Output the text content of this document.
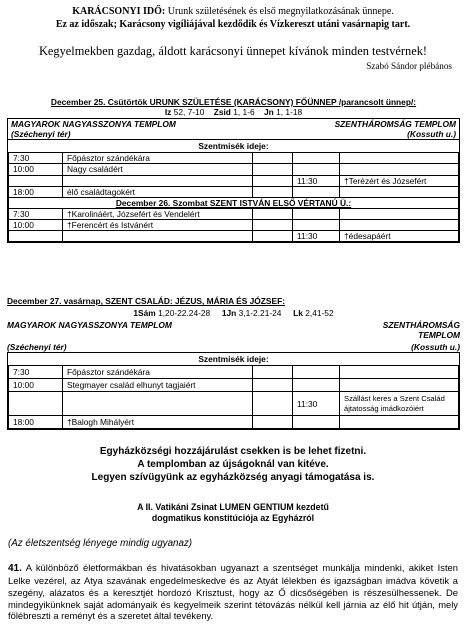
KARÁCSONYI IDŐ: Urunk születésének és első megnyilatkozásának ünnepe.
Ez az időszak; Karácsony vigíliájával kezdődik és Vízkereszt utáni vasárnapig tart.
Kegyelmekben gazdag, áldott karácsonyi ünnepet kívánok minden testvérnek!
Szabó Sándor plébános
December 25. Csütörtök URUNK SZÜLETÉSE (KARÁCSONY) FŐÜNNEP /parancsolt ünnep/:
Iz 52, 7-10 Zsid 1, 1-6 Jn 1, 1-18
MAGYAROK NAGYASSZONYA TEMPLOM	SZENTHÁROMSÁG TEMPLOM
(Széchenyi tér)	(Kossuth u.)
Szentmisék ideje:
7:30	Főpásztor szándékára			
10:00	Nagy családért			
			11:30	†Terézért és Józsefért
18:00	élő családtagokért			
December 26. Szombat SZENT ISTVÁN ELSŐ VÉRTANÚ Ü.:				
7:30	†Karolináért, Józsefért és Vendelért			
10:00	†Ferencért és Istvánért			
			11:30	†édesapáért
December 27. vasárnap, SZENT CSALÁD: JÉZUS, MÁRIA ÉS JÓZSEF:
1Sám 1,20-22.24-28 1Jn 3,1-2.21-24 Lk 2,41-52
MAGYAROK NAGYASSZONYA TEMPLOM	SZENTHÁROMSÁG
TEMPLOM
(Széchenyi tér)	(Kossuth u.)
Szentmisék ideje:
7:30	Főpásztor szándékára			
10:00	Stegmayer család elhunyt tagjaiért			
			11:30	Szállást keres a Szent Család ájtatosság imádkozóiért
18:00	†Balogh Mihályért			
Egyházközségi hozzájárulást csekken is be lehet fizetni.
A templomban az újságoknál van kitéve.
Legyen szívügyünk az egyházközség anyagi támogatása is.
A II. Vatikáni Zsinat LUMEN GENTIUM kezdetű
dogmatikus konstitúciója az Egyházról
(Az életszentség lényege mindig ugyanaz)
41. A különböző életformákban és hivatásokban ugyanazt a szentséget munkálja mindenki, akiket Isten Lelke vezérel, az Atya szavának engedelmeskedve és az Atyát lélekben és igazságban imádva követik a szegény, alázatos és a keresztjét hordozó Krisztust, hogy az Ő dicsőségében is részesülhessenek. De mindegyikünknek saját adományaik és kegyelmeik szerint tétovázás nélkül kell járnia az élő hit útján, mely fölébreszti a reményt és a szeretet által tevékeny.
